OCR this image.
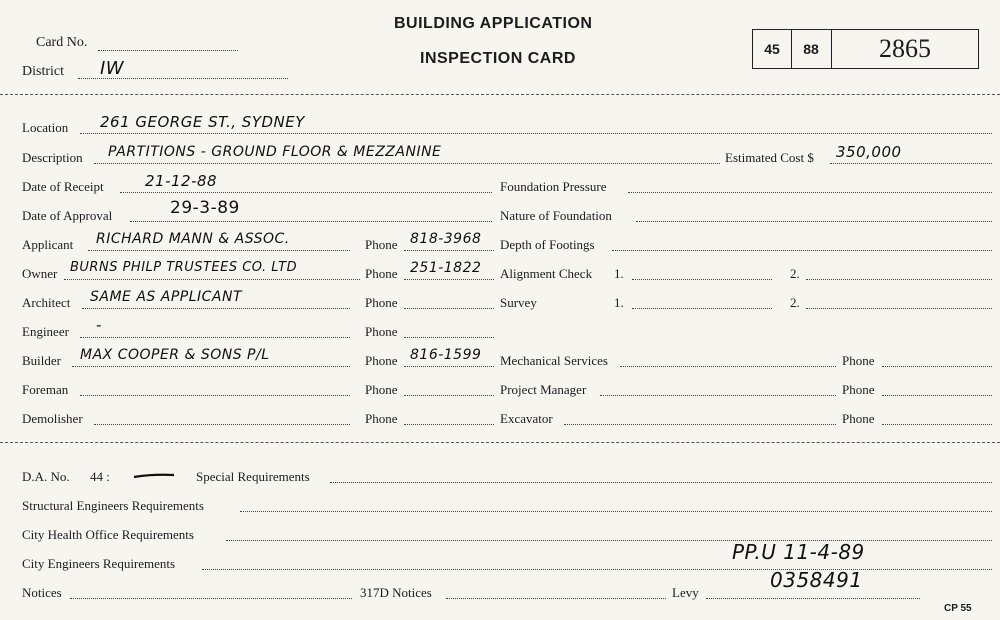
Card No.
District IW
BUILDING APPLICATION
INSPECTION CARD
45	88	2865
Location 261 GEORGE ST., SYDNEY
Description PARTITIONS - GROUND FLOOR & MEZZANINE	Estimated Cost $ 350,000
Date of Receipt	21-12-88	Foundation Pressure
Date of Approval	29-3-89	Nature of Foundation
Applicant RICHARD MANN & ASSOC.	Phone 818-3968 Depth of Footings
Owner BURNS PHILP TRUSTEES CO. LTD	Phone 251-1822 Alignment Check 1.	2.
Architect SAME AS APPLICANT	Phone	Survey	1.	2.
Engineer -	Phone
Builder MAX COOPER & SONS P/L	Phone 816-1599 Mechanical Services	Phone
Foreman	Phone	Project Manager	Phone
Demolisher	Phone	Excavator	Phone
D.A. No. 44 :	Special Requirements
Structural Engineers Requirements
City Health Office Requirements
City Engineers Requirements	PP.U 11-4-89
Notices	317D Notices	Levy
0358491
CP 55
